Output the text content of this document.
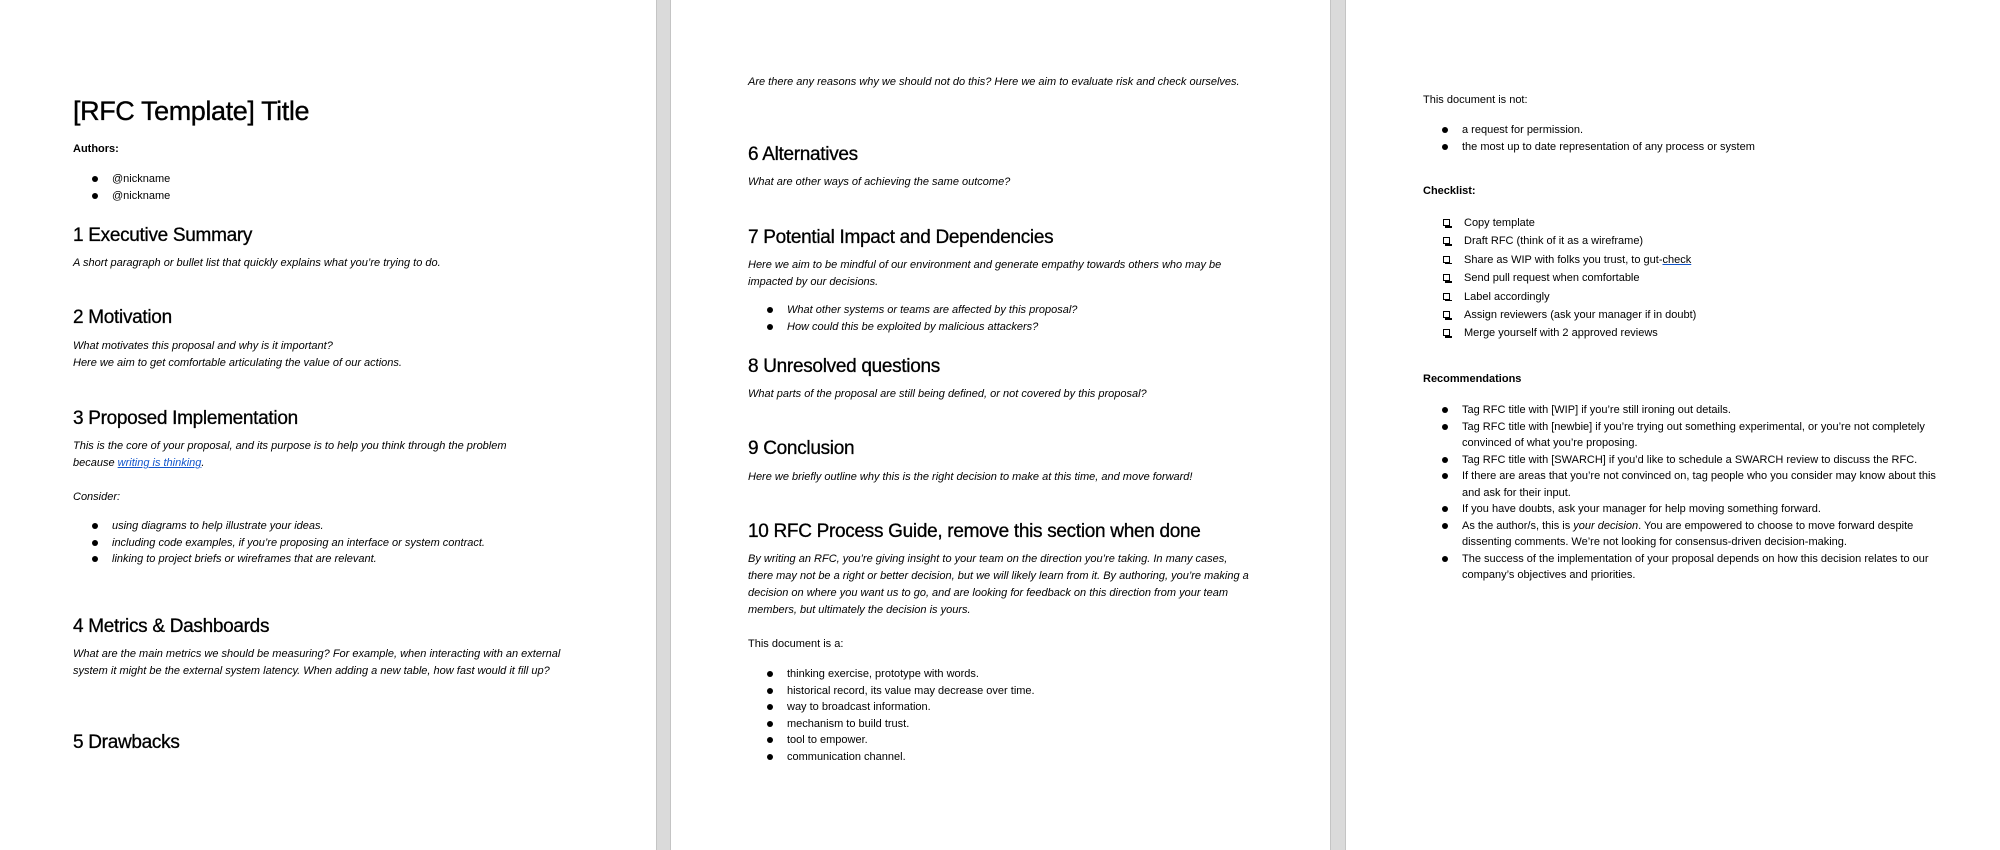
[RFC Template] Title
Authors:
@nickname
@nickname
1 Executive Summary

A short paragraph or bullet list that quickly explains what you’re trying to do.

2 Motivation

What motivates this proposal and why is it important?
Here we aim to get comfortable articulating the value of our actions.

3 Proposed Implementation

This is the core of your proposal, and its purpose is to help you think through the problem
because writing is thinking.

Consider:

using diagrams to help illustrate your ideas.
including code examples, if you’re proposing an interface or system contract.
linking to project briefs or wireframes that are relevant.
4 Metrics & Dashboards

What are the main metrics we should be measuring? For example, when interacting with an external system it might be the external system latency. When adding a new table, how fast would it fill up?

5 Drawbacks

Are there any reasons why we should not do this? Here we aim to evaluate risk and check ourselves.

6 Alternatives

What are other ways of achieving the same outcome?

7 Potential Impact and Dependencies

Here we aim to be mindful of our environment and generate empathy towards others who may be impacted by our decisions.

What other systems or teams are affected by this proposal?
How could this be exploited by malicious attackers?
8 Unresolved questions

What parts of the proposal are still being defined, or not covered by this proposal?

9 Conclusion

Here we briefly outline why this is the right decision to make at this time, and move forward!

10 RFC Process Guide, remove this section when done

By writing an RFC, you’re giving insight to your team on the direction you’re taking. In many cases, there may not be a right or better decision, but we will likely learn from it. By authoring, you’re making a decision on where you want us to go, and are looking for feedback on this direction from your team members, but ultimately the decision is yours.

This document is a:

thinking exercise, prototype with words.
historical record, its value may decrease over time.
way to broadcast information.
mechanism to build trust.
tool to empower.
communication channel.

This document is not:

a request for permission.
the most up to date representation of any process or system
Checklist:
Copy template
Draft RFC (think of it as a wireframe)
Share as WIP with folks you trust, to gut-check
Send pull request when comfortable
Label accordingly
Assign reviewers (ask your manager if in doubt)
Merge yourself with 2 approved reviews
Recommendations
Tag RFC title with [WIP] if you’re still ironing out details.
Tag RFC title with [newbie] if you’re trying out something experimental, or you’re not completely convinced of what you’re proposing.
Tag RFC title with [SWARCH] if you’d like to schedule a SWARCH review to discuss the RFC.
If there are areas that you’re not convinced on, tag people who you consider may know about this and ask for their input.
If you have doubts, ask your manager for help moving something forward.
As the author/s, this is your decision. You are empowered to choose to move forward despite dissenting comments. We’re not looking for consensus-driven decision-making.
The success of the implementation of your proposal depends on how this decision relates to our company’s objectives and priorities.
